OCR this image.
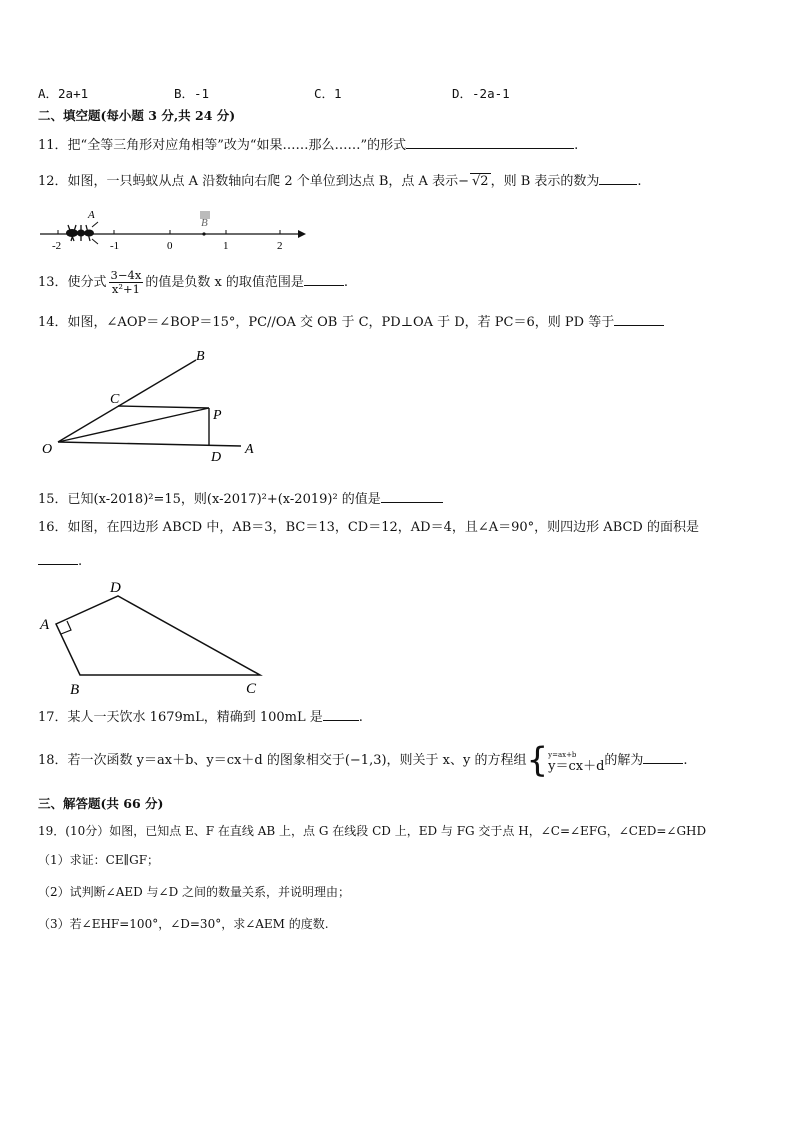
A．2a+1	B．-1	C．1	D．-2a-1
二、填空题(每小题 3 分,共 24 分)
11．把“全等三角形对应角相等”改为“如果……那么……”的形式	.
12．如图，一只蚂蚁从点 A 沿数轴向右爬 2 个单位到达点 B，点 A 表示− √2 ，则 B 表示的数为	.
-2	-1	0	1	2
A
B
13．使分式 $\frac{3-4x}{\text{x²+1}}$ 的值是负数 x 的取值范围是	.
14．如图，∠AOP＝∠BOP＝15°，PC//OA 交 OB 于 C，PD⊥OA 于 D，若 PC＝6，则 PD 等于
O	A
B
C
P
D
15．已知(x-2018)²=15，则(x-2017)²+(x-2019)² 的值是
16．如图，在四边形 ABCD 中，AB＝3，BC＝13，CD＝12，AD＝4，且∠A＝90°，则四边形 ABCD 的面积是
.
A
B	C
D
17．某人一天饮水 1679mL，精确到 100mL 是	.
18．若一次函数 y＝ax＋b、y＝cx＋d 的图象相交于(−1,3)，则关于 x、y 的方程组{ y=ax+b
y＝cx＋d 的解为	.
三、解答题(共 66 分)
19．(10分）如图，已知点 E、F 在直线 AB 上，点 G 在线段 CD 上，ED 与 FG 交于点 H，∠C=∠EFG，∠CED=∠GHD
（1）求证：CE∥GF；
（2）试判断∠AED 与∠D 之间的数量关系，并说明理由；
（3）若∠EHF=100°，∠D=30°，求∠AEM 的度数.
